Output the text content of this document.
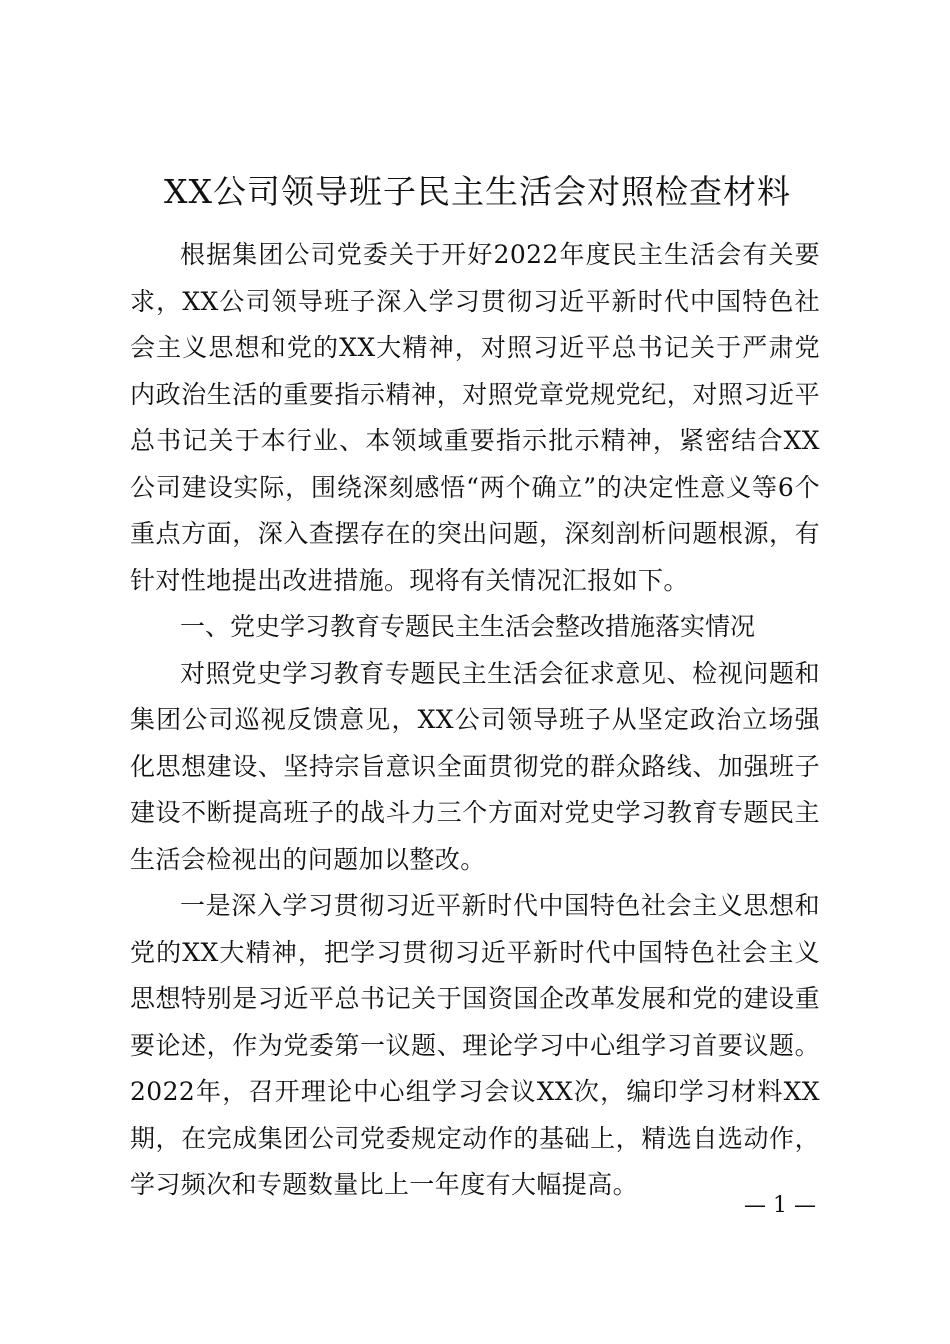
XX公司领导班子民主生活会对照检查材料

根据集团公司党委关于开好2022年度民主生活会有关要求，XX公司领导班子深入学习贯彻习近平新时代中国特色社会主义思想和党的XX大精神，对照习近平总书记关于严肃党内政治生活的重要指示精神，对照党章党规党纪，对照习近平总书记关于本行业、本领域重要指示批示精神，紧密结合XX公司建设实际，围绕深刻感悟“两个确立”的决定性意义等6个重点方面，深入查摆存在的突出问题，深刻剖析问题根源，有针对性地提出改进措施。现将有关情况汇报如下。

一、党史学习教育专题民主生活会整改措施落实情况

对照党史学习教育专题民主生活会征求意见、检视问题和集团公司巡视反馈意见，XX公司领导班子从坚定政治立场强化思想建设、坚持宗旨意识全面贯彻党的群众路线、加强班子建设不断提高班子的战斗力三个方面对党史学习教育专题民主生活会检视出的问题加以整改。

一是深入学习贯彻习近平新时代中国特色社会主义思想和党的XX大精神，把学习贯彻习近平新时代中国特色社会主义思想特别是习近平总书记关于国资国企改革发展和党的建设重要论述，作为党委第一议题、理论学习中心组学习首要议题。2022年，召开理论中心组学习会议XX次，编印学习材料XX期，在完成集团公司党委规定动作的基础上，精选自选动作，学习频次和专题数量比上一年度有大幅提高。

— 1 —
